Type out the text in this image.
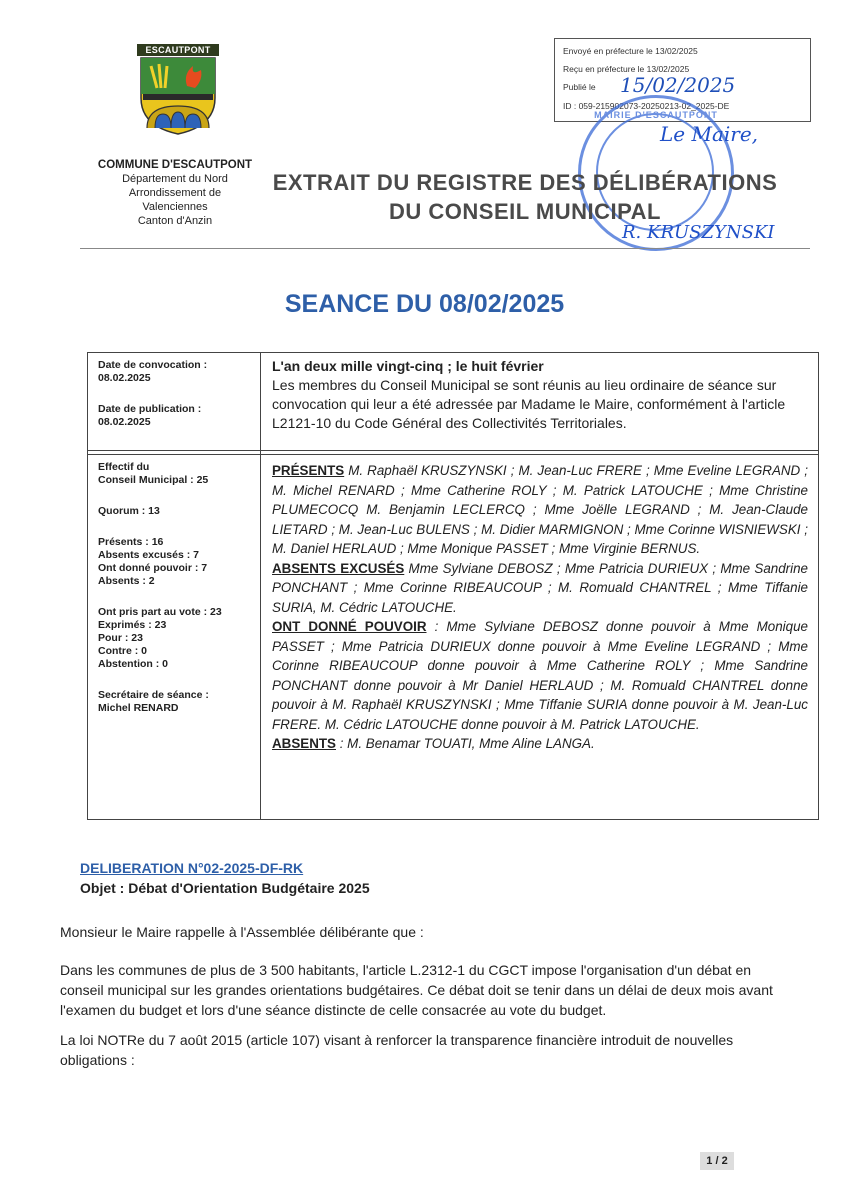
ESCAUTPONT
COMMUNE D'ESCAUTPONT
Département du Nord
Arrondissement de
Valenciennes
Canton d'Anzin
Envoyé en préfecture le 13/02/2025
Reçu en préfecture le 13/02/2025
Publié le 15/02/2025
ID : 059-215902073-20250213-02_2025-DE
MAIRIE D'ESCAUTPONT
EXTRAIT DU REGISTRE DES DÉLIBÉRATIONS
DU CONSEIL MUNICIPAL
Le Maire,
R. KRUSZYNSKI
SEANCE DU 08/02/2025
Date de convocation :
08.02.2025
Date de publication :
08.02.2025
L'an deux mille vingt-cinq ; le huit février
Les membres du Conseil Municipal se sont réunis au lieu ordinaire de séance sur convocation qui leur a été adressée par Madame le Maire, conformément à l'article L2121-10 du Code Général des Collectivités Territoriales.
Effectif du
Conseil Municipal : 25
Quorum : 13
Présents : 16
Absents excusés : 7
Ont donné pouvoir : 7
Absents : 2
Ont pris part au vote : 23
Exprimés : 23
Pour : 23
Contre : 0
Abstention : 0
Secrétaire de séance :
Michel RENARD
PRÉSENTS M. Raphaël KRUSZYNSKI ; M. Jean-Luc FRERE ; Mme Eveline LEGRAND ; M. Michel RENARD ; Mme Catherine ROLY ; M. Patrick LATOUCHE ; Mme Christine PLUMECOCQ M. Benjamin LECLERCQ ; Mme Joëlle LEGRAND ; M. Jean-Claude LIETARD ; M. Jean-Luc BULENS ; M. Didier MARMIGNON ; Mme Corinne WISNIEWSKI ; M. Daniel HERLAUD ; Mme Monique PASSET ; Mme Virginie BERNUS.
ABSENTS EXCUSÉS Mme Sylviane DEBOSZ ; Mme Patricia DURIEUX ; Mme Sandrine PONCHANT ; Mme Corinne RIBEAUCOUP ; M. Romuald CHANTREL ; Mme Tiffanie SURIA, M. Cédric LATOUCHE.
ONT DONNÉ POUVOIR : Mme Sylviane DEBOSZ donne pouvoir à Mme Monique PASSET ; Mme Patricia DURIEUX donne pouvoir à Mme Eveline LEGRAND ; Mme Corinne RIBEAUCOUP donne pouvoir à Mme Catherine ROLY ; Mme Sandrine PONCHANT donne pouvoir à Mr Daniel HERLAUD ; M. Romuald CHANTREL donne pouvoir à M. Raphaël KRUSZYNSKI ; Mme Tiffanie SURIA donne pouvoir à M. Jean-Luc FRERE. M. Cédric LATOUCHE donne pouvoir à M. Patrick LATOUCHE.
ABSENTS : M. Benamar TOUATI, Mme Aline LANGA.
DELIBERATION N°02-2025-DF-RK
Objet : Débat d'Orientation Budgétaire 2025
Monsieur le Maire rappelle à l'Assemblée délibérante que :
Dans les communes de plus de 3 500 habitants, l'article L.2312-1 du CGCT impose l'organisation d'un débat en conseil municipal sur les grandes orientations budgétaires. Ce débat doit se tenir dans un délai de deux mois avant l'examen du budget et lors d'une séance distincte de celle consacrée au vote du budget.
La loi NOTRe du 7 août 2015 (article 107) visant à renforcer la transparence financière introduit de nouvelles obligations :
1 / 2
